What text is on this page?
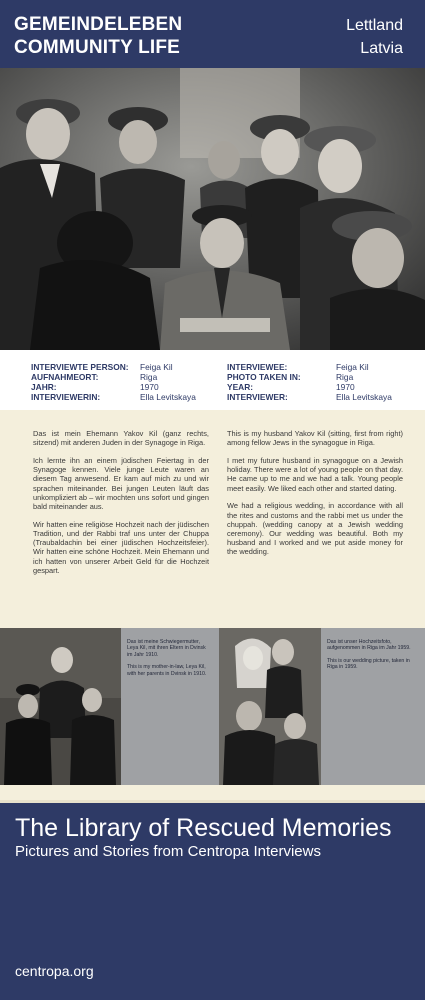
GEMEINDELEBEN
COMMUNITY LIFE
Lettland
Latvia
INTERVIEWTE PERSON:
AUFNAHMEORT:
JAHR:
INTERVIEWERIN:
Feiga Kil
Riga
1970
Ella Levitskaya
INTERVIEWEE:
PHOTO TAKEN IN:
YEAR:
INTERVIEWER:
Feiga Kil
Riga
1970
Ella Levitskaya

Das ist mein Ehemann Yakov Kil (ganz rechts, sitzend) mit anderen Juden in der Synagoge in Riga.

Ich lernte ihn an einem jüdischen Feiertag in der Synagoge kennen. Viele junge Leute waren an diesem Tag anwesend. Er kam auf mich zu und wir sprachen miteinander. Bei jungen Leuten läuft das unkompliziert ab – wir mochten uns sofort und gingen bald miteinander aus.

Wir hatten eine religiöse Hochzeit nach der jüdischen Tradition, und der Rabbi traf uns unter der Chuppa (Traubaldachin bei einer jüdischen Hochzeitsfeier). Wir hatten eine schöne Hochzeit. Mein Ehemann und ich hatten von unserer Arbeit Geld für die Hochzeit gespart.

This is my husband Yakov Kil (sitting, first from right) among fellow Jews in the synagogue in Riga.

I met my future husband in synagogue on a Jewish holiday. There were a lot of young people on that day. He came up to me and we had a talk. Young people meet easily. We liked each other and started dating.

We had a religious wedding, in accordance with all the rites and customs and the rabbi met us under the chuppah. (wedding canopy at a Jewish wedding ceremony). Our wedding was beautiful. Both my husband and I worked and we put aside money for the wedding.

Das ist meine Schwiegermutter, Leya Kil, mit ihren Eltern in Dvinsk im Jahr 1910.

This is my mother-in-law, Leya Kil, with her parents in Dvinsk in 1910.

Das ist unser Hochzeitsfoto, aufgenommen in Riga im Jahr 1959.

This is our wedding picture, taken in Riga in 1959.

The Library of Rescued Memories
Pictures and Stories from Centropa Interviews
centropa.org
